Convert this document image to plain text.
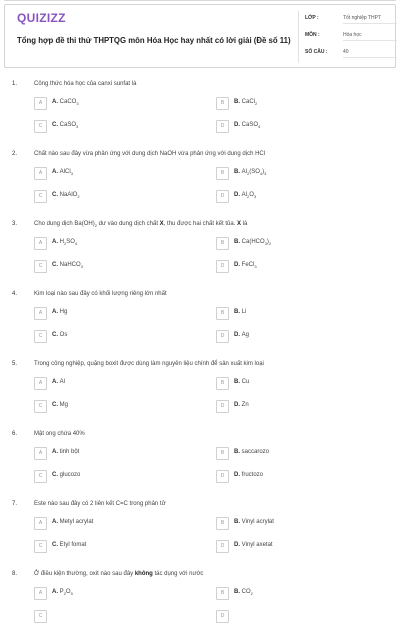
QUIZIZZ
Tổng hợp đề thi thử THPTQG môn Hóa Học hay nhất có lời giải (Đề số 11)
LỚP :	Tốt nghiệp THPT
MÔN :	Hóa học
SỐ CÂU :	40
1.	Công thức hóa học của canxi sunfat là
A	A. CaCO$_3$	B	B. CaCl$_2$
C	C. CaSO$_3$	D	D. CaSO$_4$
2.	Chất nào sau đây vừa phản ứng với dung dịch NaOH vừa phản ứng với dung dịch HCl
A	A. AlCl$_3$	B	B. $Al_2(SO_4)_3$
C	C. NaAlO$_2$	D	D. $Al_2O_3$
3.	Cho dung dịch $Ba(OH)_2$ dư vào dung dịch chất X, thu được hai chất kết tủa. X là
A	A. $H_2SO_4$	B	B. $Ca(HCO_3)_2$
C	C. NaHCO$_3$	D	D. FeCl$_3$
4.	Kim loại nào sau đây có khối lượng riêng lớn nhất
A	A. Hg	B	B. Li
C	C. Os	D	D. Ag
5.	Trong công nghiệp, quặng boxit được dùng làm nguyên liệu chính để sản xuất kim loại
A	A. Al	B	B. Cu
C	C. Mg	D	D. Zn
6.	Mật ong chứa 40%
A	A. tinh bột	B	B. saccarozo
C	C. glucozo	D	D. fructozo
7.	Este nào sau đây có 2 liên kết C=C trong phân tử
A	A. Metyl acrylat	B	B. Vinyl acrylat
C	C. Etyl fomat	D	D. Vinyl axetat
8.	Ở điều kiện thường, oxit nào sau đây không tác dụng với nước
A	A. $P_2O_5$	B	B. $CO_2$
C	D
